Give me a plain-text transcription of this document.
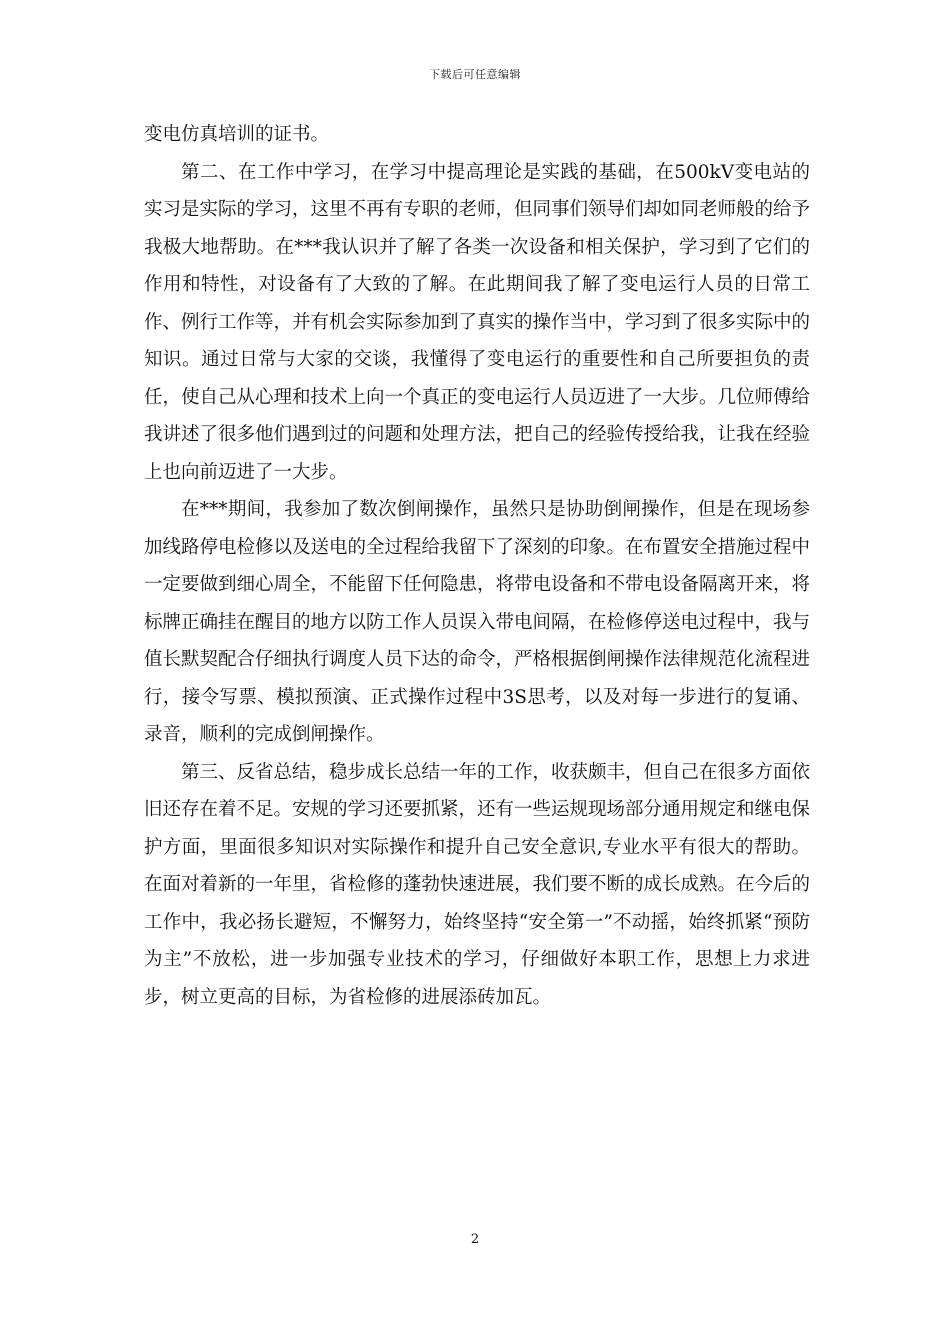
下载后可任意编辑

变电仿真培训的证书。

第二、在工作中学习，在学习中提高理论是实践的基础，在500kV变电站的实习是实际的学习，这里不再有专职的老师，但同事们领导们却如同老师般的给予我极大地帮助。在***我认识并了解了各类一次设备和相关保护，学习到了它们的作用和特性，对设备有了大致的了解。在此期间我了解了变电运行人员的日常工作、例行工作等，并有机会实际参加到了真实的操作当中，学习到了很多实际中的知识。通过日常与大家的交谈，我懂得了变电运行的重要性和自己所要担负的责任，使自己从心理和技术上向一个真正的变电运行人员迈进了一大步。几位师傅给我讲述了很多他们遇到过的问题和处理方法，把自己的经验传授给我，让我在经验上也向前迈进了一大步。

在***期间，我参加了数次倒闸操作，虽然只是协助倒闸操作，但是在现场参加线路停电检修以及送电的全过程给我留下了深刻的印象。在布置安全措施过程中一定要做到细心周全，不能留下任何隐患，将带电设备和不带电设备隔离开来，将标牌正确挂在醒目的地方以防工作人员误入带电间隔，在检修停送电过程中，我与值长默契配合仔细执行调度人员下达的命令，严格根据倒闸操作法律规范化流程进行，接令写票、模拟预演、正式操作过程中3S思考，以及对每一步进行的复诵、录音，顺利的完成倒闸操作。

第三、反省总结，稳步成长总结一年的工作，收获颇丰，但自己在很多方面依旧还存在着不足。安规的学习还要抓紧，还有一些运规现场部分通用规定和继电保护方面，里面很多知识对实际操作和提升自己安全意识,专业水平有很大的帮助。在面对着新的一年里，省检修的蓬勃快速进展，我们要不断的成长成熟。在今后的工作中，我必扬长避短，不懈努力，始终坚持“安全第一”不动摇，始终抓紧“预防为主”不放松，进一步加强专业技术的学习，仔细做好本职工作，思想上力求进步，树立更高的目标，为省检修的进展添砖加瓦。

2
